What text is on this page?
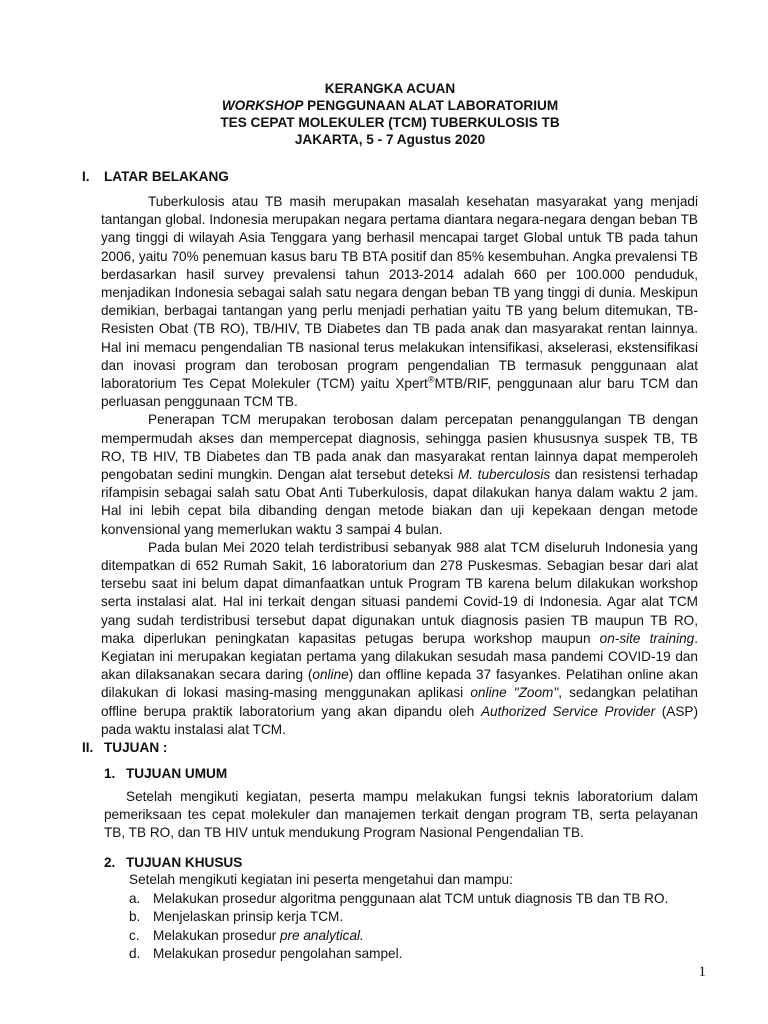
KERANGKA ACUAN
WORKSHOP PENGGUNAAN ALAT LABORATORIUM
TES CEPAT MOLEKULER (TCM) TUBERKULOSIS TB
JAKARTA, 5 - 7 Agustus 2020
I. LATAR BELAKANG

Tuberkulosis atau TB masih merupakan masalah kesehatan masyarakat yang menjadi tantangan global. Indonesia merupakan negara pertama diantara negara-negara dengan beban TB yang tinggi di wilayah Asia Tenggara yang berhasil mencapai target Global untuk TB pada tahun 2006, yaitu 70% penemuan kasus baru TB BTA positif dan 85% kesembuhan. Angka prevalensi TB berdasarkan hasil survey prevalensi tahun 2013-2014 adalah 660 per 100.000 penduduk, menjadikan Indonesia sebagai salah satu negara dengan beban TB yang tinggi di dunia. Meskipun demikian, berbagai tantangan yang perlu menjadi perhatian yaitu TB yang belum ditemukan, TB-Resisten Obat (TB RO), TB/HIV, TB Diabetes dan TB pada anak dan masyarakat rentan lainnya. Hal ini memacu pengendalian TB nasional terus melakukan intensifikasi, akselerasi, ekstensifikasi dan inovasi program dan terobosan program pengendalian TB termasuk penggunaan alat laboratorium Tes Cepat Molekuler (TCM) yaitu Xpert®MTB/RIF, penggunaan alur baru TCM dan perluasan penggunaan TCM TB.

Penerapan TCM merupakan terobosan dalam percepatan penanggulangan TB dengan mempermudah akses dan mempercepat diagnosis, sehingga pasien khususnya suspek TB, TB RO, TB HIV, TB Diabetes dan TB pada anak dan masyarakat rentan lainnya dapat memperoleh pengobatan sedini mungkin. Dengan alat tersebut deteksi M. tuberculosis dan resistensi terhadap rifampisin sebagai salah satu Obat Anti Tuberkulosis, dapat dilakukan hanya dalam waktu 2 jam. Hal ini lebih cepat bila dibanding dengan metode biakan dan uji kepekaan dengan metode konvensional yang memerlukan waktu 3 sampai 4 bulan.

Pada bulan Mei 2020 telah terdistribusi sebanyak 988 alat TCM diseluruh Indonesia yang ditempatkan di 652 Rumah Sakit, 16 laboratorium dan 278 Puskesmas. Sebagian besar dari alat tersebu saat ini belum dapat dimanfaatkan untuk Program TB karena belum dilakukan workshop serta instalasi alat. Hal ini terkait dengan situasi pandemi Covid-19 di Indonesia. Agar alat TCM yang sudah terdistribusi tersebut dapat digunakan untuk diagnosis pasien TB maupun TB RO, maka diperlukan peningkatan kapasitas petugas berupa workshop maupun on-site training. Kegiatan ini merupakan kegiatan pertama yang dilakukan sesudah masa pandemi COVID-19 dan akan dilaksanakan secara daring (online) dan offline kepada 37 fasyankes. Pelatihan online akan dilakukan di lokasi masing-masing menggunakan aplikasi online "Zoom", sedangkan pelatihan offline berupa praktik laboratorium yang akan dipandu oleh Authorized Service Provider (ASP) pada waktu instalasi alat TCM.

II. TUJUAN :
1. TUJUAN UMUM

Setelah mengikuti kegiatan, peserta mampu melakukan fungsi teknis laboratorium dalam pemeriksaan tes cepat molekuler dan manajemen terkait dengan program TB, serta pelayanan TB, TB RO, dan TB HIV untuk mendukung Program Nasional Pengendalian TB.

2. TUJUAN KHUSUS
Setelah mengikuti kegiatan ini peserta mengetahui dan mampu:
a. Melakukan prosedur algoritma penggunaan alat TCM untuk diagnosis TB dan TB RO.
b. Menjelaskan prinsip kerja TCM.
c. Melakukan prosedur pre analytical.
d. Melakukan prosedur pengolahan sampel.
1
